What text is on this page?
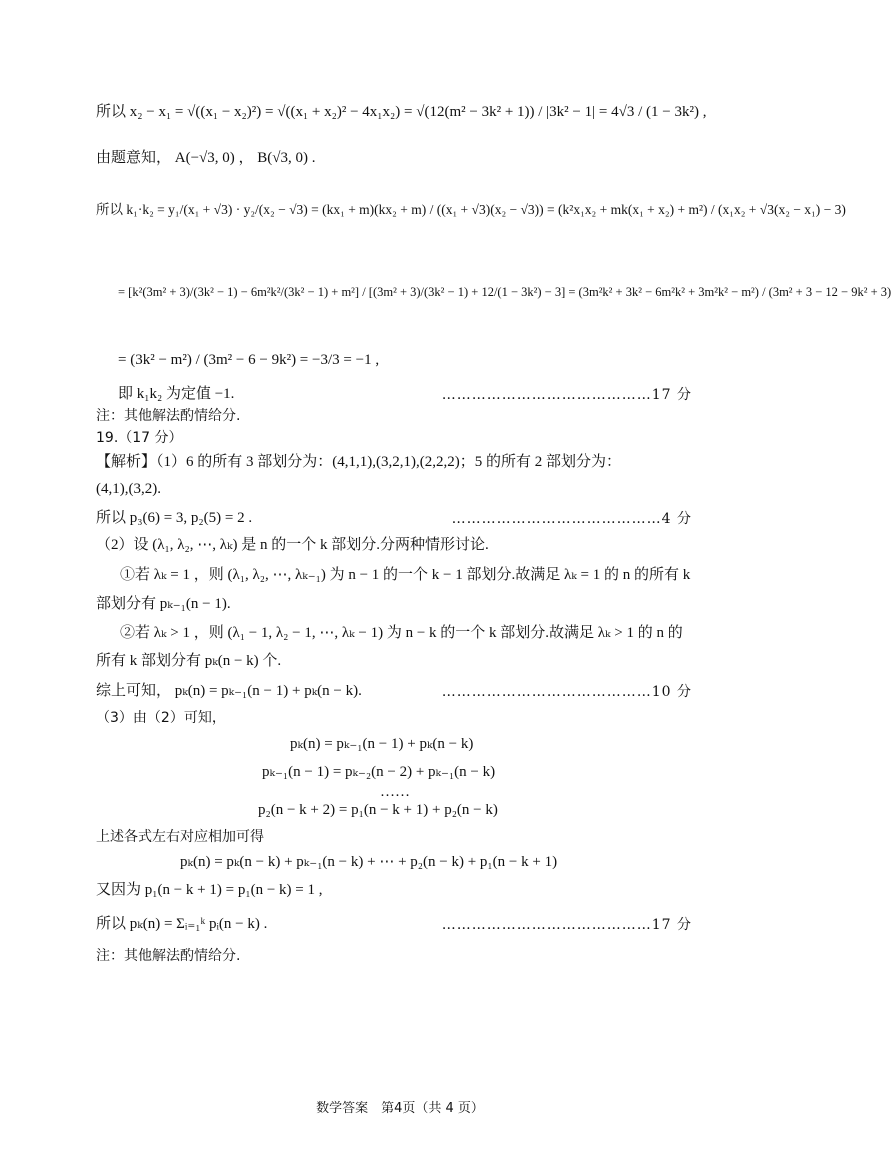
所以 x₂ − x₁ = √((x₁ − x₂)²) = √((x₁ + x₂)² − 4x₁x₂) = √(12(m² − 3k² + 1)) / |3k² − 1| = 4√3 / (1 − 3k²) ,
由题意知， A(−√3, 0) ， B(√3, 0) .
所以 k₁·k₂ = y₁/(x₁ + √3) · y₂/(x₂ − √3) = (kx₁ + m)(kx₂ + m) / ((x₁ + √3)(x₂ − √3)) = (k²x₁x₂ + mk(x₁ + x₂) + m²) / (x₁x₂ + √3(x₂ − x₁) − 3)
= [k²(3m² + 3)/(3k² − 1) − 6m²k²/(3k² − 1) + m²] / [(3m² + 3)/(3k² − 1) + 12/(1 − 3k²) − 3] = (3m²k² + 3k² − 6m²k² + 3m²k² − m²) / (3m² + 3 − 12 − 9k² + 3)
= (3k² − m²) / (3m² − 6 − 9k²) = −3/3 = −1 ,
即 k₁k₂ 为定值 −1.	……………………………………17 分
注：其他解法酌情给分.
19.（17 分）
【解析】（1）6 的所有 3 部划分为：(4,1,1),(3,2,1),(2,2,2)；5 的所有 2 部划分为：
(4,1),(3,2).
所以 p₃(6) = 3, p₂(5) = 2 .	……………………………………4 分
（2）设 (λ₁, λ₂, ⋯, λₖ) 是 n 的一个 k 部划分.分两种情形讨论.
①若 λₖ = 1 ，则 (λ₁, λ₂, ⋯, λₖ₋₁) 为 n − 1 的一个 k − 1 部划分.故满足 λₖ = 1 的 n 的所有 k
部划分有 pₖ₋₁(n − 1).
②若 λₖ > 1 ，则 (λ₁ − 1, λ₂ − 1, ⋯, λₖ − 1) 为 n − k 的一个 k 部划分.故满足 λₖ > 1 的 n 的
所有 k 部划分有 pₖ(n − k) 个.
综上可知， pₖ(n) = pₖ₋₁(n − 1) + pₖ(n − k).	……………………………………10 分
（3）由（2）可知，
pₖ(n) = pₖ₋₁(n − 1) + pₖ(n − k)
pₖ₋₁(n − 1) = pₖ₋₂(n − 2) + pₖ₋₁(n − k)
……
p₂(n − k + 2) = p₁(n − k + 1) + p₂(n − k)
上述各式左右对应相加可得
pₖ(n) = pₖ(n − k) + pₖ₋₁(n − k) + ⋯ + p₂(n − k) + p₁(n − k + 1)
又因为 p₁(n − k + 1) = p₁(n − k) = 1 ,
所以 pₖ(n) = Σᵢ₌₁ᵏ pᵢ(n − k) .	……………………………………17 分
注：其他解法酌情给分.
数学答案　第4页（共 4 页）
